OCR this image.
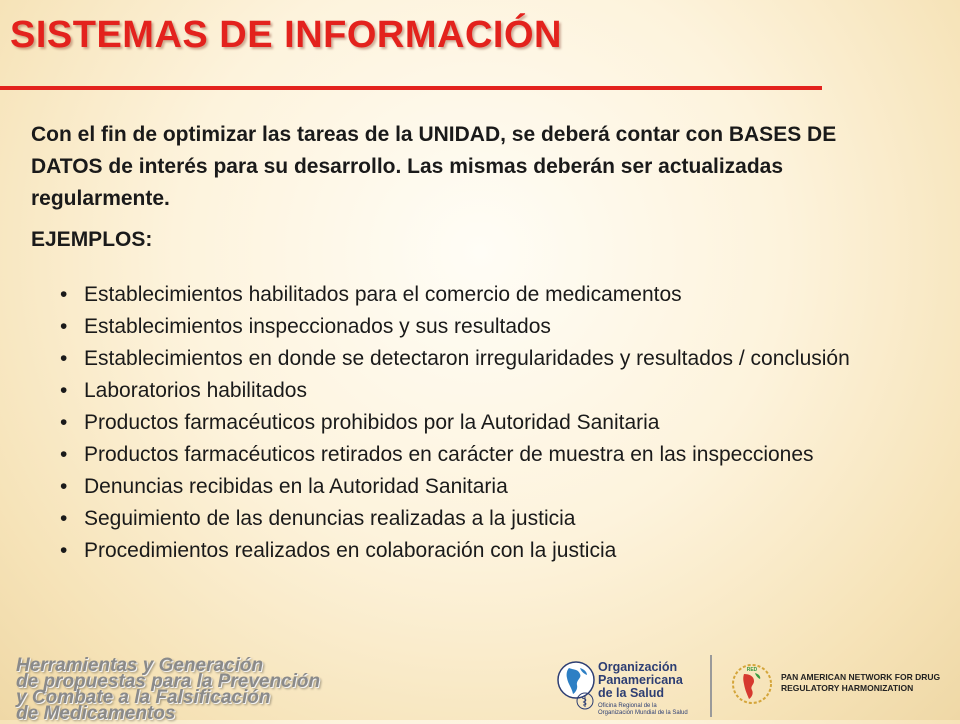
SISTEMAS DE INFORMACIÓN

Con el fin de optimizar las tareas de la UNIDAD, se deberá contar con BASES DE DATOS de interés para su desarrollo. Las mismas deberán ser actualizadas regularmente.

EJEMPLOS:

• Establecimientos habilitados para el comercio de medicamentos
• Establecimientos inspeccionados y sus resultados
• Establecimientos en donde se detectaron irregularidades y resultados / conclusión
• Laboratorios habilitados
• Productos farmacéuticos prohibidos por la Autoridad Sanitaria
• Productos farmacéuticos retirados en carácter de muestra en las inspecciones
• Denuncias recibidas en la Autoridad Sanitaria
• Seguimiento de las denuncias realizadas a la justicia
• Procedimientos realizados en colaboración con la justicia
Herramientas y Generación
de propuestas para la Prevención
y Combate a la Falsificación
de Medicamentos
Organización
Panamericana
de la Salud
Oficina Regional de la
Organización Mundial de la Salud
RED
PAN AMERICAN NETWORK FOR DRUG
REGULATORY HARMONIZATION
